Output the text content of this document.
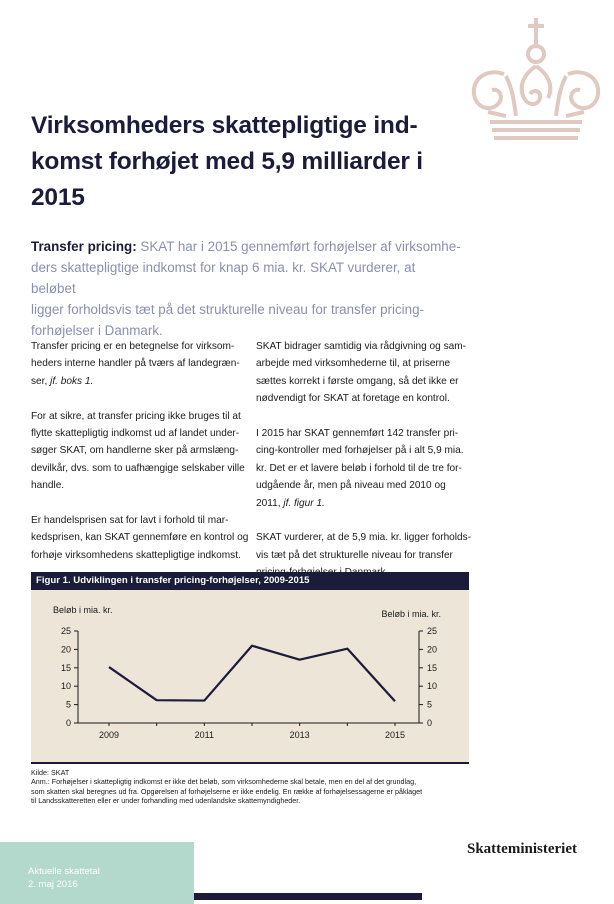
Virksomheders skattepligtige ind-
komst forhøjet med 5,9 milliarder i
2015
Transfer pricing: SKAT har i 2015 gennemført forhøjelser af virksomhe-
ders skattepligtige indkomst for knap 6 mia. kr. SKAT vurderer, at beløbet
ligger forholdsvis tæt på det strukturelle niveau for transfer pricing-
forhøjelser i Danmark.

Transfer pricing er en betegnelse for virksom-
heders interne handler på tværs af landegræn-
ser, jf. boks 1.

For at sikre, at transfer pricing ikke bruges til at
flytte skattepligtig indkomst ud af landet under-
søger SKAT, om handlerne sker på armslæng-
devilkår, dvs. som to uafhængige selskaber ville
handle.

Er handelsprisen sat for lavt i forhold til mar-
kedsprisen, kan SKAT gennemføre en kontrol og
forhøje virksomhedens skattepligtige indkomst.

SKAT bidrager samtidig via rådgivning og sam-
arbejde med virksomhederne til, at priserne
sættes korrekt i første omgang, så det ikke er
nødvendigt for SKAT at foretage en kontrol.

I 2015 har SKAT gennemført 142 transfer pri-
cing-kontroller med forhøjelser på i alt 5,9 mia.
kr. Det er et lavere beløb i forhold til de tre for-
udgående år, men på niveau med 2010 og
2011, jf. figur 1.

SKAT vurderer, at de 5,9 mia. kr. ligger forholds-
vis tæt på det strukturelle niveau for transfer

Figur 1. Udviklingen i transfer pricing-forhøjelser, 2009-2015
Beløb i mia. kr.	Beløb i mia. kr.
0	0
5	5
10	10
15	15
20	20
25	25
2009	2011	2013	2015
Kilde: SKAT
Anm.: Forhøjelser i skattepligtig indkomst er ikke det beløb, som virksomhederne skal betale, men en del af det grundlag,
som skatten skal beregnes ud fra. Opgørelsen af forhøjelserne er ikke endelig. En række af forhøjelsessagerne er påklaget
til Landsskatteretten eller er under forhandling med udenlandske skattemyndigheder.
Skatteministeriet
Aktuelle skattetal
2. maj 2016
